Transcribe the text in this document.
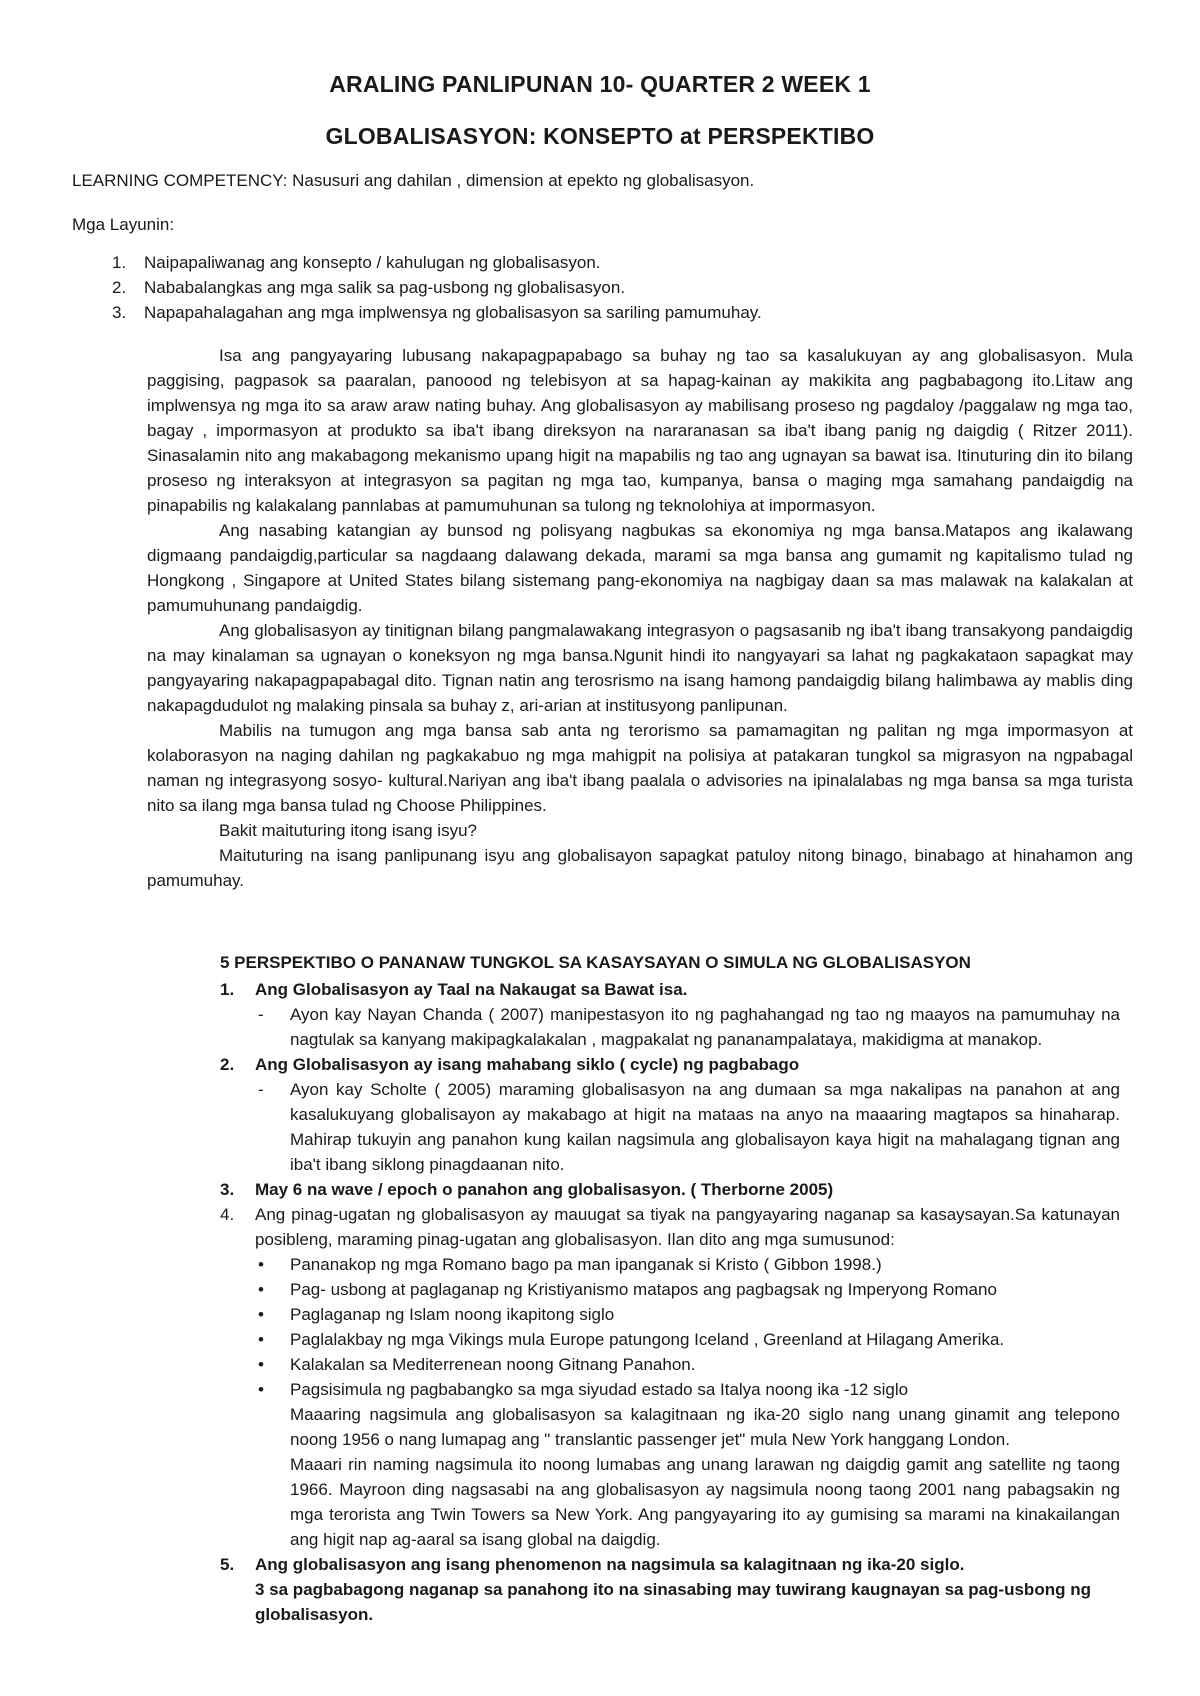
ARALING PANLIPUNAN 10- QUARTER 2 WEEK 1
GLOBALISASYON: KONSEPTO at PERSPEKTIBO
LEARNING COMPETENCY: Nasusuri ang dahilan , dimension at epekto ng globalisasyon.
Mga Layunin:
1. Naipapaliwanag ang konsepto / kahulugan ng globalisasyon.
2. Nababalangkas ang mga salik sa pag-usbong ng globalisasyon.
3. Napapahalagahan ang mga implwensya ng globalisasyon sa sariling pamumuhay.

Isa ang pangyayaring lubusang nakapagpapabago sa buhay ng tao sa kasalukuyan ay ang globalisasyon. Mula paggising, pagpasok sa paaralan, panoood ng telebisyon at sa hapag-kainan ay makikita ang pagbabagong ito.Litaw ang implwensya ng mga ito sa araw araw nating buhay. Ang globalisasyon ay mabilisang proseso ng pagdaloy /paggalaw ng mga tao, bagay , impormasyon at produkto sa iba't ibang direksyon na nararanasan sa iba't ibang panig ng daigdig ( Ritzer 2011). Sinasalamin nito ang makabagong mekanismo upang higit na mapabilis ng tao ang ugnayan sa bawat isa. Itinuturing din ito bilang proseso ng interaksyon at integrasyon sa pagitan ng mga tao, kumpanya, bansa o maging mga samahang pandaigdig na pinapabilis ng kalakalang pannlabas at pamumuhunan sa tulong ng teknolohiya at impormasyon.

Ang nasabing katangian ay bunsod ng polisyang nagbukas sa ekonomiya ng mga bansa.Matapos ang ikalawang digmaang pandaigdig,particular sa nagdaang dalawang dekada, marami sa mga bansa ang gumamit ng kapitalismo tulad ng Hongkong , Singapore at United States bilang sistemang pang-ekonomiya na nagbigay daan sa mas malawak na kalakalan at pamumuhunang pandaigdig.

Ang globalisasyon ay tinitignan bilang pangmalawakang integrasyon o pagsasanib ng iba't ibang transakyong pandaigdig na may kinalaman sa ugnayan o koneksyon ng mga bansa.Ngunit hindi ito nangyayari sa lahat ng pagkakataon sapagkat may pangyayaring nakapagpapabagal dito. Tignan natin ang terosrismo na isang hamong pandaigdig bilang halimbawa ay mablis ding nakapagdudulot ng malaking pinsala sa buhay z, ari-arian at institusyong panlipunan.

Mabilis na tumugon ang mga bansa sab anta ng terorismo sa pamamagitan ng palitan ng mga impormasyon at kolaborasyon na naging dahilan ng pagkakabuo ng mga mahigpit na polisiya at patakaran tungkol sa migrasyon na ngpabagal naman ng integrasyong sosyo- kultural.Nariyan ang iba't ibang paalala o advisories na ipinalalabas ng mga bansa sa mga turista nito sa ilang mga bansa tulad ng Choose Philippines.

Bakit maituturing itong isang isyu?

Maituturing na isang panlipunang isyu ang globalisayon sapagkat patuloy nitong binago, binabago at hinahamon ang pamumuhay.

5 PERSPEKTIBO O PANANAW TUNGKOL SA KASAYSAYAN O SIMULA NG GLOBALISASYON

1. Ang Globalisasyon ay Taal na Nakaugat sa Bawat isa.
- Ayon kay Nayan Chanda ( 2007) manipestasyon ito ng paghahangad ng tao ng maayos na pamumuhay na nagtulak sa kanyang makipagkalakalan , magpakalat ng pananampalataya, makidigma at manakop.
2. Ang Globalisasyon ay isang mahabang siklo ( cycle) ng pagbabago
- Ayon kay Scholte ( 2005) maraming globalisasyon na ang dumaan sa mga nakalipas na panahon at ang kasalukuyang globalisayon ay makabago at higit na mataas na anyo na maaaring magtapos sa hinaharap. Mahirap tukuyin ang panahon kung kailan nagsimula ang globalisayon kaya higit na mahalagang tignan ang iba't ibang siklong pinagdaanan nito.
3. May 6 na wave / epoch o panahon ang globalisasyon. ( Therborne 2005)
4. Ang pinag-ugatan ng globalisasyon ay mauugat sa tiyak na pangyayaring naganap sa kasaysayan.Sa katunayan posibleng, maraming pinag-ugatan ang globalisasyon. Ilan dito ang mga sumusunod:
• Pananakop ng mga Romano bago pa man ipanganak si Kristo ( Gibbon 1998.)
• Pag- usbong at paglaganap ng Kristiyanismo matapos ang pagbagsak ng Imperyong Romano
• Paglaganap ng Islam noong ikapitong siglo
• Paglalakbay ng mga Vikings mula Europe patungong Iceland , Greenland at Hilagang Amerika.
• Kalakalan sa Mediterrenean noong Gitnang Panahon.
• Pagsisimula ng pagbabangko sa mga siyudad estado sa Italya noong ika -12 siglo
Maaaring nagsimula ang globalisasyon sa kalagitnaan ng ika-20 siglo nang unang ginamit ang telepono noong 1956 o nang lumapag ang " translantic passenger jet" mula New York hanggang London.
Maaari rin naming nagsimula ito noong lumabas ang unang larawan ng daigdig gamit ang satellite ng taong 1966. Mayroon ding nagsasabi na ang globalisasyon ay nagsimula noong taong 2001 nang pabagsakin ng mga terorista ang Twin Towers sa New York. Ang pangyayaring ito ay gumising sa marami na kinakailangan ang higit nap ag-aaral sa isang global na daigdig.
5. Ang globalisasyon ang isang phenomenon na nagsimula sa kalagitnaan ng ika-20 siglo.
3 sa pagbabagong naganap sa panahong ito na sinasabing may tuwirang kaugnayan sa pag-usbong ng globalisasyon.
